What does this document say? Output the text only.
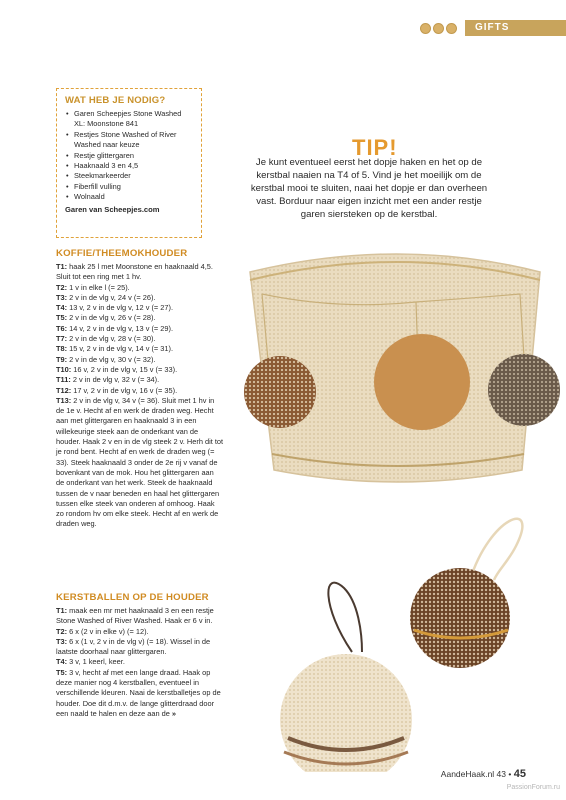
GIFTS
WAT HEB JE NODIG?
• Garen Scheepjes Stone Washed XL: Moonstone 841
• Restjes Stone Washed of River Washed naar keuze
• Restje glittergaren
• Haaknaald 3 en 4,5
• Steekmarkeerder
• Fiberfill vulling
• Wolnaald
Garen van Scheepjes.com
TIP!
Je kunt eventueel eerst het dopje haken en het op de kerstbal naaien na T4 of 5. Vind je het moeilijk om de kerstbal mooi te sluiten, naai het dopje er dan overheen vast. Borduur naar eigen inzicht met een ander restje garen siersteken op de kerstbal.
KOFFIE/THEEMOKHOUDER

T1: haak 25 l met Moonstone en haaknaald 4,5. Sluit tot een ring met 1 hv.

T2: 1 v in elke l (= 25).

T3: 2 v in de vlg v, 24 v (= 26).

T4: 13 v, 2 v in de vlg v, 12 v (= 27).

T5: 2 v in de vlg v, 26 v (= 28).

T6: 14 v, 2 v in de vlg v, 13 v (= 29).

T7: 2 v in de vlg v, 28 v (= 30).

T8: 15 v, 2 v in de vlg v, 14 v (= 31).

T9: 2 v in de vlg v, 30 v (= 32).

T10: 16 v, 2 v in de vlg v, 15 v (= 33).

T11: 2 v in de vlg v, 32 v (= 34).

T12: 17 v, 2 v in de vlg v, 16 v (= 35).

T13: 2 v in de vlg v, 34 v (= 36). Sluit met 1 hv in de 1e v. Hecht af en werk de draden weg. Hecht aan met glittergaren en haaknaald 3 in een willekeurige steek aan de onderkant van de houder. Haak 2 v en in de vlg steek 2 v. Herh dit tot je rond bent. Hecht af en werk de draden weg (= 33). Steek haaknaald 3 onder de 2e rij v vanaf de bovenkant van de mok. Hou het glittergaren aan de onderkant van het werk. Steek de haaknaald tussen de v naar beneden en haal het glittergaren tussen elke steek van onderen af omhoog. Haak zo rondom hv om elke steek. Hecht af en werk de draden weg.

KERSTBALLEN OP DE HOUDER

T1: maak een mr met haaknaald 3 en een restje Stone Washed of River Washed. Haak er 6 v in.

T2: 6 x (2 v in elke v) (= 12).

T3: 6 x (1 v, 2 v in de vlg v) (= 18). Wissel in de laatste doorhaal naar glittergaren.

T4: 3 v, 1 keerl, keer.

T5: 3 v, hecht af met een lange draad. Haak op deze manier nog 4 kerstballen, eventueel in verschillende kleuren. Naai de kerstballetjes op de houder. Doe dit d.m.v. de lange glitterdraad door een naald te halen en deze aan de »

AandeHaak.nl 43 • 45
PassionForum.ru
